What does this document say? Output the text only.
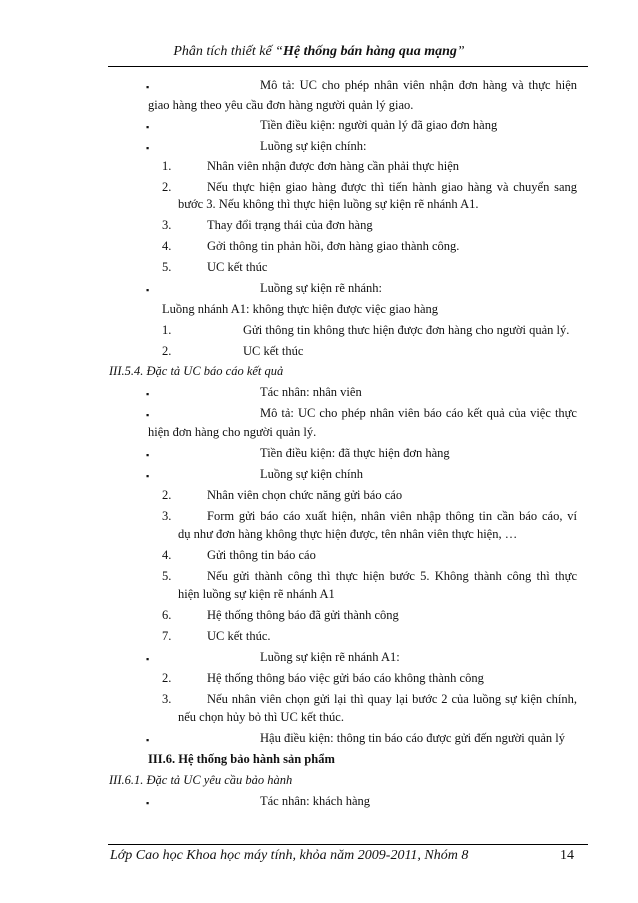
Phân tích thiết kế “Hệ thống bán hàng qua mạng”
▪	Mô tả: UC cho phép nhân viên nhận đơn hàng và thực hiện
giao hàng theo yêu cầu đơn hàng người quản lý giao.
▪	Tiền điều kiện: người quản lý đã giao đơn hàng
▪	Luồng sự kiện chính:
1.	Nhân viên nhận được đơn hàng cần phải thực hiện
2.	Nếu thực hiện giao hàng được thì tiến hành giao hàng và chuyển sang
bước 3. Nếu không thì thực hiện luồng sự kiện rẽ nhánh A1.
3.	Thay đổi trạng thái của đơn hàng
4.	Gởi thông tin phản hồi, đơn hàng giao thành công.
5.	UC kết thúc
▪	Luồng sự kiện rẽ nhánh:
Luồng nhánh A1: không thực hiện được việc giao hàng
1.	Gửi thông tin không thưc hiện được đơn hàng cho người quản lý.
2.	UC kết thúc
III.5.4. Đặc tả UC báo cáo kết quả
▪	Tác nhân: nhân viên
▪	Mô tả: UC cho phép nhân viên báo cáo kết quả của việc thực
hiện đơn hàng cho người quản lý.
▪	Tiền điều kiện: đã thực hiện đơn hàng
▪	Luồng sự kiện chính
2.	Nhân viên chọn chức năng gửi báo cáo
3.	Form gửi báo cáo xuất hiện, nhân viên nhập thông tin cần báo cáo, ví
dụ như đơn hàng không thực hiện được, tên nhân viên thực hiện, …
4.	Gửi thông tin báo cáo
5.	Nếu gửi thành công thì thực hiện bước 5. Không thành công thì thực
hiện luồng sự kiện rẽ nhánh A1
6.	Hệ thống thông báo đã gửi thành công
7.	UC kết thúc.
▪	Luồng sự kiện rẽ nhánh A1:
2.	Hệ thống thông báo việc gửi báo cáo không thành công
3.	Nếu nhân viên chọn gửi lại thì quay lại bước 2 của luồng sự kiện chính,
nếu chọn hủy bỏ thì UC kết thúc.
▪	Hậu điều kiện: thông tin báo cáo được gửi đến người quản lý
III.6. Hệ thống bảo hành sản phẩm
III.6.1. Đặc tả UC yêu cầu bảo hành
▪	Tác nhân: khách hàng
Lớp Cao học Khoa học máy tính, khỏa năm 2009-2011, Nhóm 8	14
